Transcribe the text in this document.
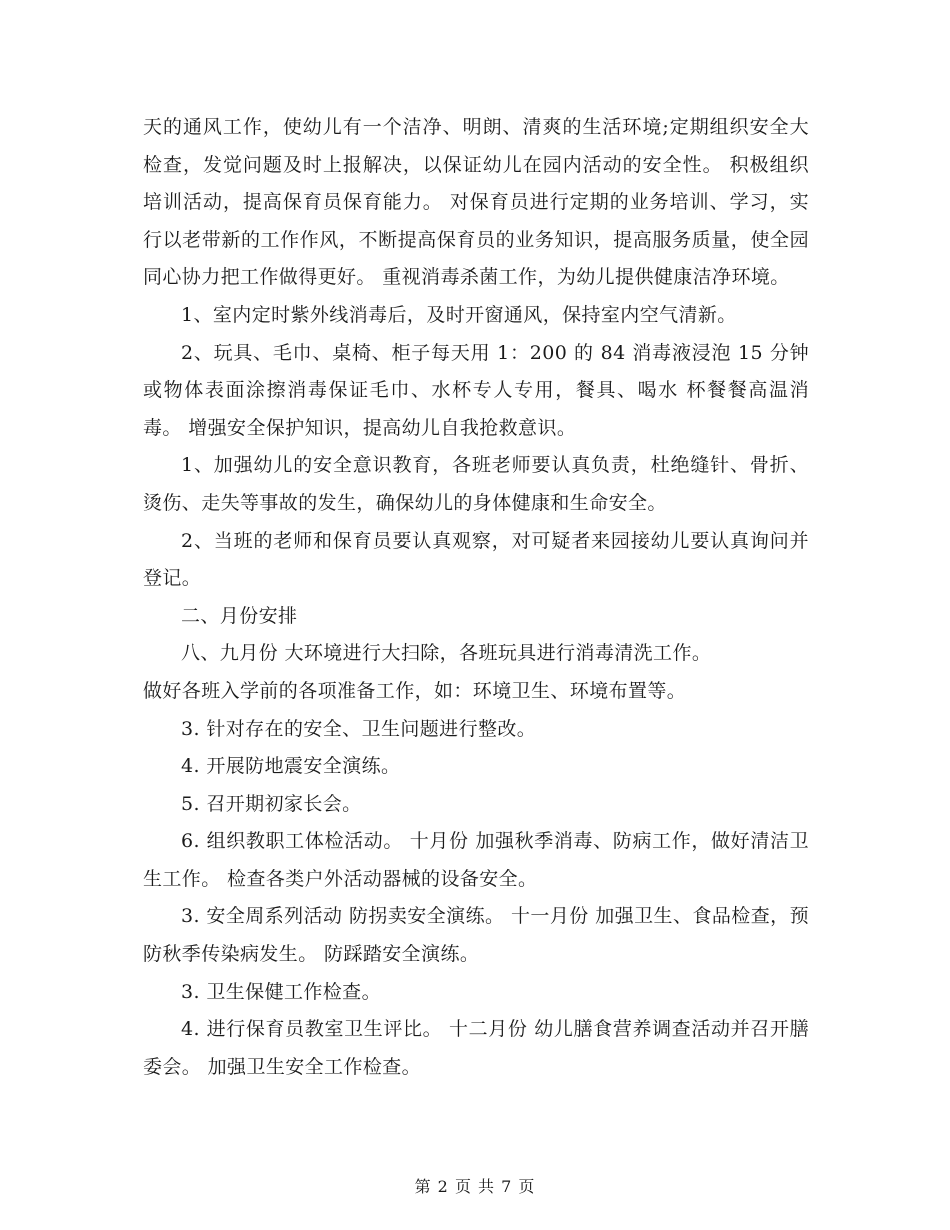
天的通风工作，使幼儿有一个洁净、明朗、清爽的生活环境;定期组织安全大检查，发觉问题及时上报解决，以保证幼儿在园内活动的安全性。 积极组织培训活动，提高保育员保育能力。 对保育员进行定期的业务培训、学习，实行以老带新的工作作风，不断提高保育员的业务知识，提高服务质量，使全园同心协力把工作做得更好。 重视消毒杀菌工作，为幼儿提供健康洁净环境。

1、室内定时紫外线消毒后，及时开窗通风，保持室内空气清新。

2、玩具、毛巾、桌椅、柜子每天用 1：200 的 84 消毒液浸泡 15 分钟或物体表面涂擦消毒保证毛巾、水杯专人专用，餐具、喝水 杯餐餐高温消毒。 增强安全保护知识，提高幼儿自我抢救意识。

1、加强幼儿的安全意识教育，各班老师要认真负责，杜绝缝针、骨折、烫伤、走失等事故的发生，确保幼儿的身体健康和生命安全。

2、当班的老师和保育员要认真观察，对可疑者来园接幼儿要认真询问并登记。

二、月份安排

八、九月份 大环境进行大扫除，各班玩具进行消毒清洗工作。

做好各班入学前的各项准备工作，如：环境卫生、环境布置等。

3. 针对存在的安全、卫生问题进行整改。

4. 开展防地震安全演练。

5. 召开期初家长会。

6. 组织教职工体检活动。 十月份 加强秋季消毒、防病工作，做好清洁卫生工作。 检查各类户外活动器械的设备安全。

3. 安全周系列活动 防拐卖安全演练。 十一月份 加强卫生、食品检查，预防秋季传染病发生。 防踩踏安全演练。

3. 卫生保健工作检查。

4. 进行保育员教室卫生评比。 十二月份 幼儿膳食营养调查活动并召开膳委会。 加强卫生安全工作检查。

第 2 页 共 7 页
